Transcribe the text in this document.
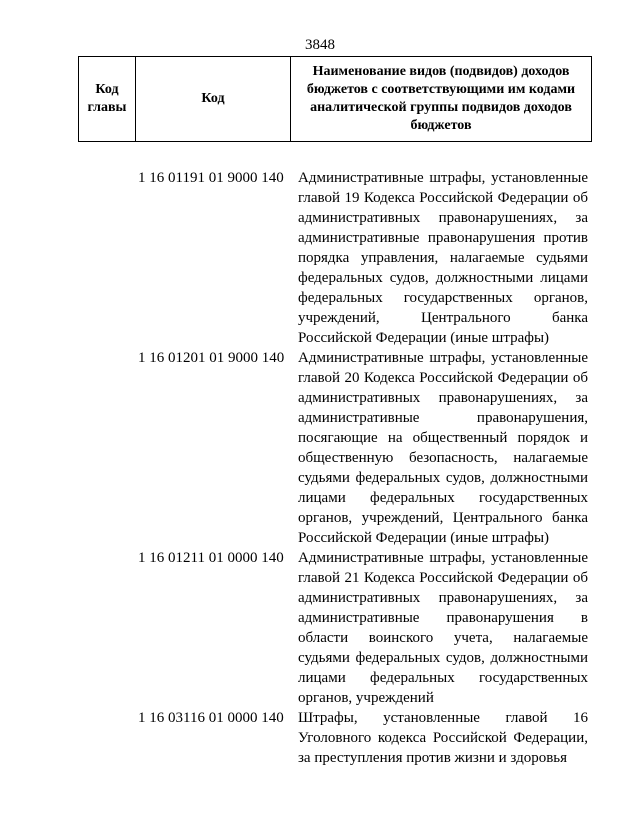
3848
Код главы	Код	Наименование видов (подвидов) доходов бюджетов с соответствующими им кодами аналитической группы подвидов доходов бюджетов
1 16 01191 01 9000 140 Административные штрафы, установленные главой 19 Кодекса Российской Федерации об административных правонарушениях, за административные правонарушения против порядка управления, налагаемые судьями федеральных судов, должностными лицами федеральных государственных органов, учреждений, Центрального банка Российской Федерации (иные штрафы)
1 16 01201 01 9000 140 Административные штрафы, установленные главой 20 Кодекса Российской Федерации об административных правонарушениях, за административные правонарушения, посягающие на общественный порядок и общественную безопасность, налагаемые судьями федеральных судов, должностными лицами федеральных государственных органов, учреждений, Центрального банка Российской Федерации (иные штрафы)
1 16 01211 01 0000 140 Административные штрафы, установленные главой 21 Кодекса Российской Федерации об административных правонарушениях, за административные правонарушения в области воинского учета, налагаемые судьями федеральных судов, должностными лицами федеральных государственных органов, учреждений
1 16 03116 01 0000 140 Штрафы, установленные главой 16 Уголовного кодекса Российской Федерации, за преступления против жизни и здоровья
